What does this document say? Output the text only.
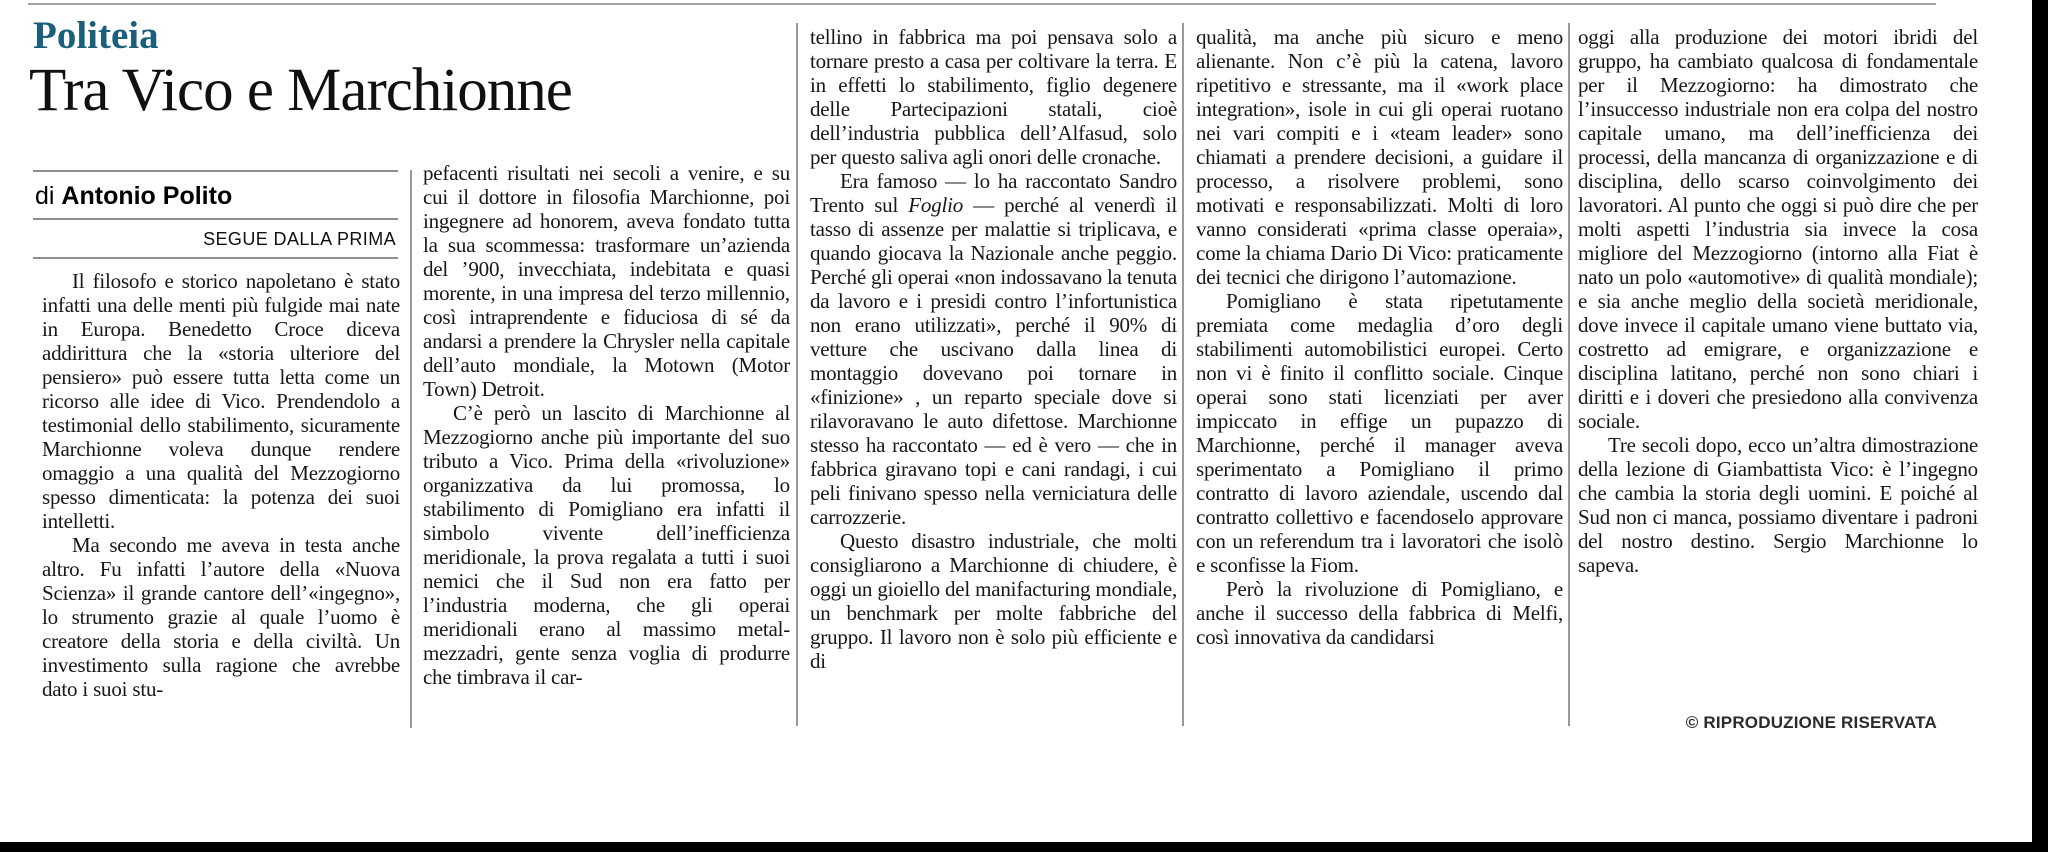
Politeia
Tra Vico e Marchionne
di Antonio Polito
SEGUE DALLA PRIMA

Il filosofo e storico napoletano è stato infatti una delle menti più fulgide mai nate in Europa. Benedetto Croce diceva addirittura che la «storia ulteriore del pensiero» può essere tutta letta come un ricorso alle idee di Vico. Prendendolo a testimonial dello stabilimento, sicuramente Marchionne voleva dunque rendere omaggio a una qualità del Mezzogiorno spesso dimenticata: la potenza dei suoi intelletti.

Ma secondo me aveva in testa anche altro. Fu infatti l’autore della «Nuova Scienza» il grande cantore dell’«ingegno», lo strumento grazie al quale l’uomo è creatore della storia e della civiltà. Un investimento sulla ragione che avrebbe dato i suoi stu-

pefacenti risultati nei secoli a venire, e su cui il dottore in filosofia Marchionne, poi ingegnere ad honorem, aveva fondato tutta la sua scommessa: trasformare un’azienda del ’900, invecchiata, indebitata e quasi morente, in una impresa del terzo millennio, così intraprendente e fiduciosa di sé da andarsi a prendere la Chrysler nella capitale dell’auto mondiale, la Motown (Motor Town) Detroit.

C’è però un lascito di Marchionne al Mezzogiorno anche più importante del suo tributo a Vico. Prima della «rivoluzione» organizzativa da lui promossa, lo stabilimento di Pomigliano era infatti il simbolo vivente dell’inefficienza meridionale, la prova regalata a tutti i suoi nemici che il Sud non era fatto per l’industria moderna, che gli operai meridionali erano al massimo metal-mezzadri, gente senza voglia di produrre che timbrava il car-

tellino in fabbrica ma poi pensava solo a tornare presto a casa per coltivare la terra. E in effetti lo stabilimento, figlio degenere delle Partecipazioni statali, cioè dell’industria pubblica dell’Alfasud, solo per questo saliva agli onori delle cronache.

Era famoso — lo ha raccontato Sandro Trento sul Foglio — perché al venerdì il tasso di assenze per malattie si triplicava, e quando giocava la Nazionale anche peggio. Perché gli operai «non indossavano la tenuta da lavoro e i presidi contro l’infortunistica non erano utilizzati», perché il 90% di vetture che uscivano dalla linea di montaggio dovevano poi tornare in «finizione» , un reparto speciale dove si rilavoravano le auto difettose. Marchionne stesso ha raccontato — ed è vero — che in fabbrica giravano topi e cani randagi, i cui peli finivano spesso nella verniciatura delle carrozzerie.

Questo disastro industriale, che molti consigliarono a Marchionne di chiudere, è oggi un gioiello del manifacturing mondiale, un benchmark per molte fabbriche del gruppo. Il lavoro non è solo più efficiente e di

qualità, ma anche più sicuro e meno alienante. Non c’è più la catena, lavoro ripetitivo e stressante, ma il «work place integration», isole in cui gli operai ruotano nei vari compiti e i «team leader» sono chiamati a prendere decisioni, a guidare il processo, a risolvere problemi, sono motivati e responsabilizzati. Molti di loro vanno considerati «prima classe operaia», come la chiama Dario Di Vico: praticamente dei tecnici che dirigono l’automazione.

Pomigliano è stata ripetutamente premiata come medaglia d’oro degli stabilimenti automobilistici europei. Certo non vi è finito il conflitto sociale. Cinque operai sono stati licenziati per aver impiccato in effige un pupazzo di Marchionne, perché il manager aveva sperimentato a Pomigliano il primo contratto di lavoro aziendale, uscendo dal contratto collettivo e facendoselo approvare con un referendum tra i lavoratori che isolò e sconfisse la Fiom.

Però la rivoluzione di Pomigliano, e anche il successo della fabbrica di Melfi, così innovativa da candidarsi

oggi alla produzione dei motori ibridi del gruppo, ha cambiato qualcosa di fondamentale per il Mezzogiorno: ha dimostrato che l’insuccesso industriale non era colpa del nostro capitale umano, ma dell’inefficienza dei processi, della mancanza di organizzazione e di disciplina, dello scarso coinvolgimento dei lavoratori. Al punto che oggi si può dire che per molti aspetti l’industria sia invece la cosa migliore del Mezzogiorno (intorno alla Fiat è nato un polo «automotive» di qualità mondiale); e sia anche meglio della società meridionale, dove invece il capitale umano viene buttato via, costretto ad emigrare, e organizzazione e disciplina latitano, perché non sono chiari i diritti e i doveri che presiedono alla convivenza sociale.

Tre secoli dopo, ecco un’altra dimostrazione della lezione di Giambattista Vico: è l’ingegno che cambia la storia degli uomini. E poiché al Sud non ci manca, possiamo diventare i padroni del nostro destino. Sergio Marchionne lo sapeva.

© RIPRODUZIONE RISERVATA
